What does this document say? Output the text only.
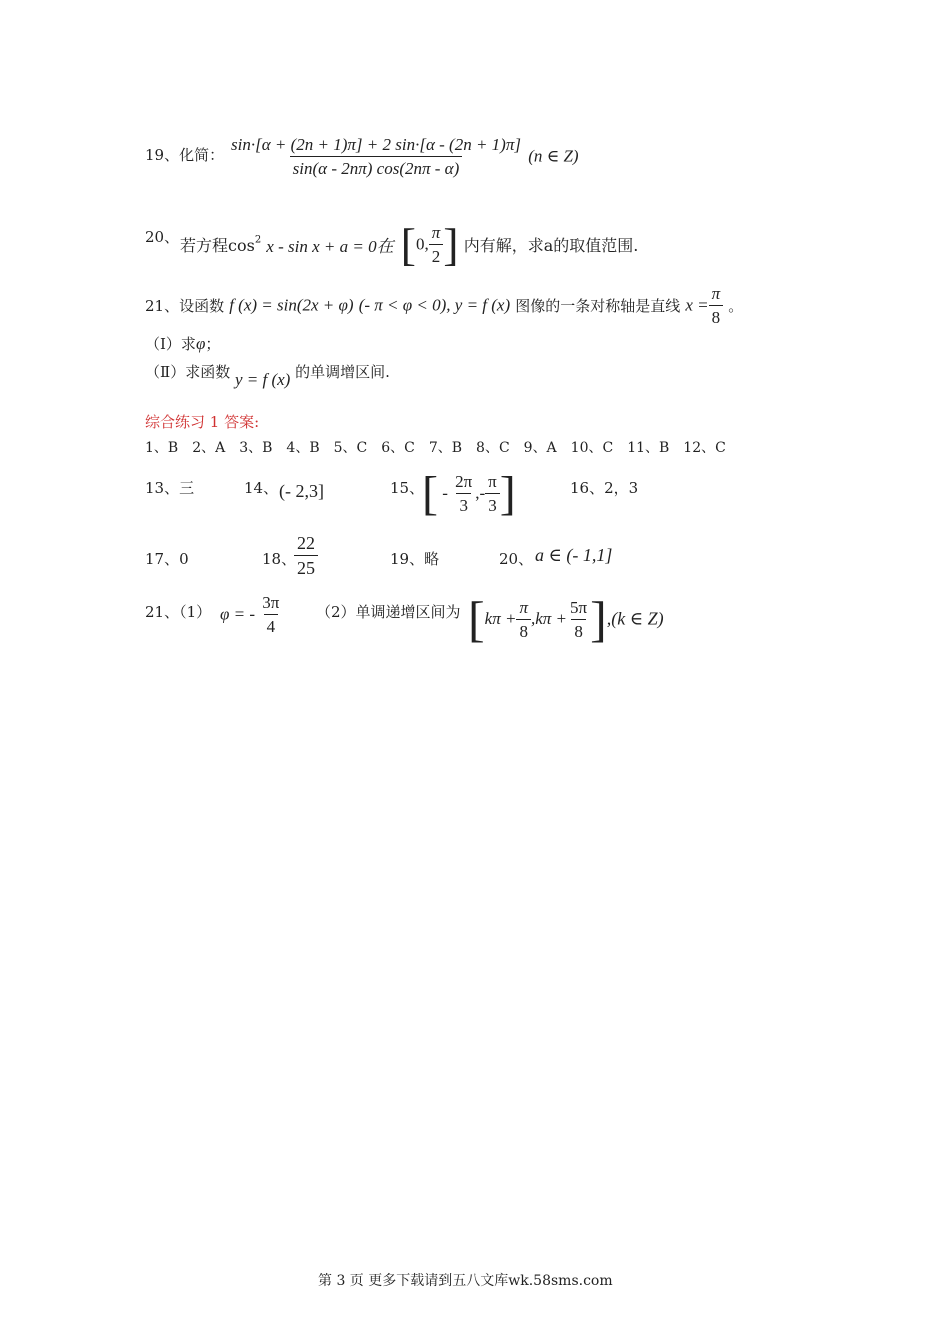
19、化简： $\frac{\sin\cdot[\alpha + (2n + 1)\pi] + 2 \sin\cdot[\alpha - (2n + 1)\pi]}{\sin(\alpha - 2n\pi) \cos(2n\pi - \alpha)} (n$ ∈ Z)
20、 若方程$\cos^2 x - \sin x + a = 0$在 [0, $\frac{\pi}{2}$ ] 内有解，求a的取值范围.
21、设函数 f (x) = sin(2x + φ) (- π < φ < 0), y = f (x) 图像的一条对称轴是直线 $x = \frac{\pi}{8}$ 。
（Ⅰ）求φ；
（Ⅱ）求函数 y = f (x) 的单调增区间.
综合练习 1 答案:
1、B　2、A　3、B　4、B　5、C　6、C　7、B　8、C　9、A　10、C　11、B　12、C
13、三	14、 (- 2,3]	15、
[ - $\frac{2\pi}{3}$ ,- $\frac{\pi}{3}$ ]	16、2，3
17、0	18、
$\frac{22}{25}$	19、略	20、 a ∈ (- 1,1]
21、（1） φ = - $\frac{3\pi}{4} (2)$单调递增区间为 $[k\pi + \frac{\pi}{8} ,k\pi + \frac{5\pi}{8} ],(k$ ∈ Z)
第 3 页 更多下载请到五八文库wk.58sms.com
